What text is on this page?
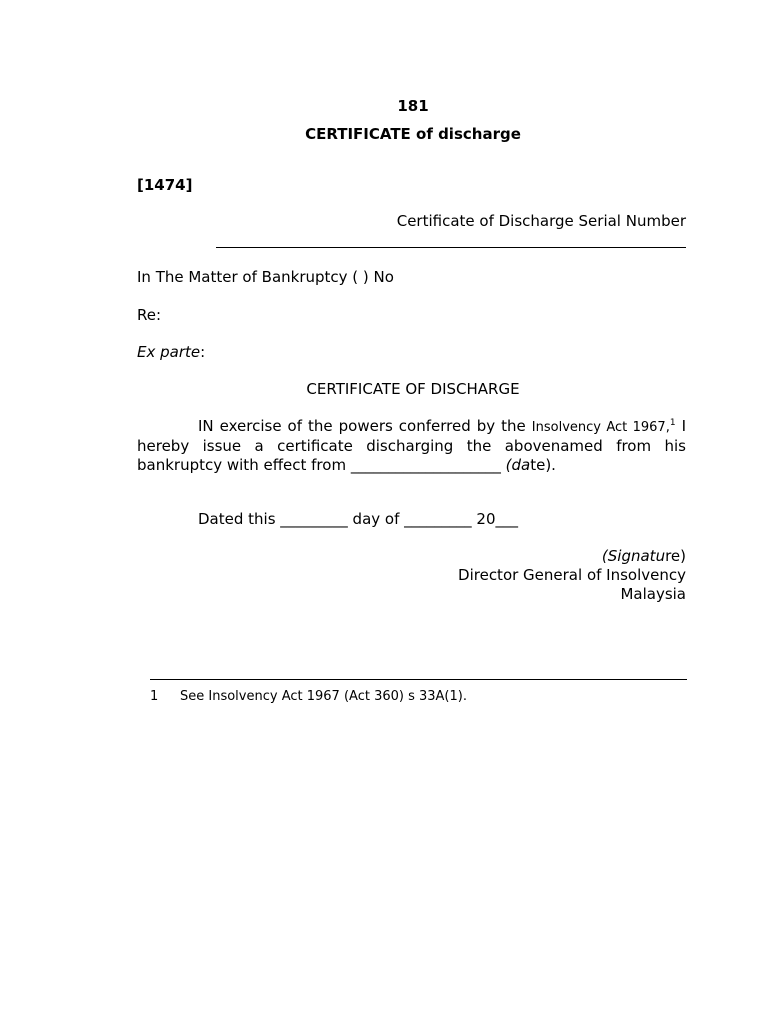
181
CERTIFICATE of discharge
[1474]
Certificate of Discharge Serial Number
In The Matter of Bankruptcy ( ) No
Re:
Ex parte:
CERTIFICATE OF DISCHARGE
IN exercise of the powers conferred by the Insolvency Act 1967,$^1$ I hereby issue a certificate discharging the abovenamed from his bankruptcy with effect from ____________________ (date).
Dated this _________ day of _________ 20___
(Signature)
Director General of Insolvency
Malaysia
1 See Insolvency Act 1967 (Act 360) s 33A(1).
